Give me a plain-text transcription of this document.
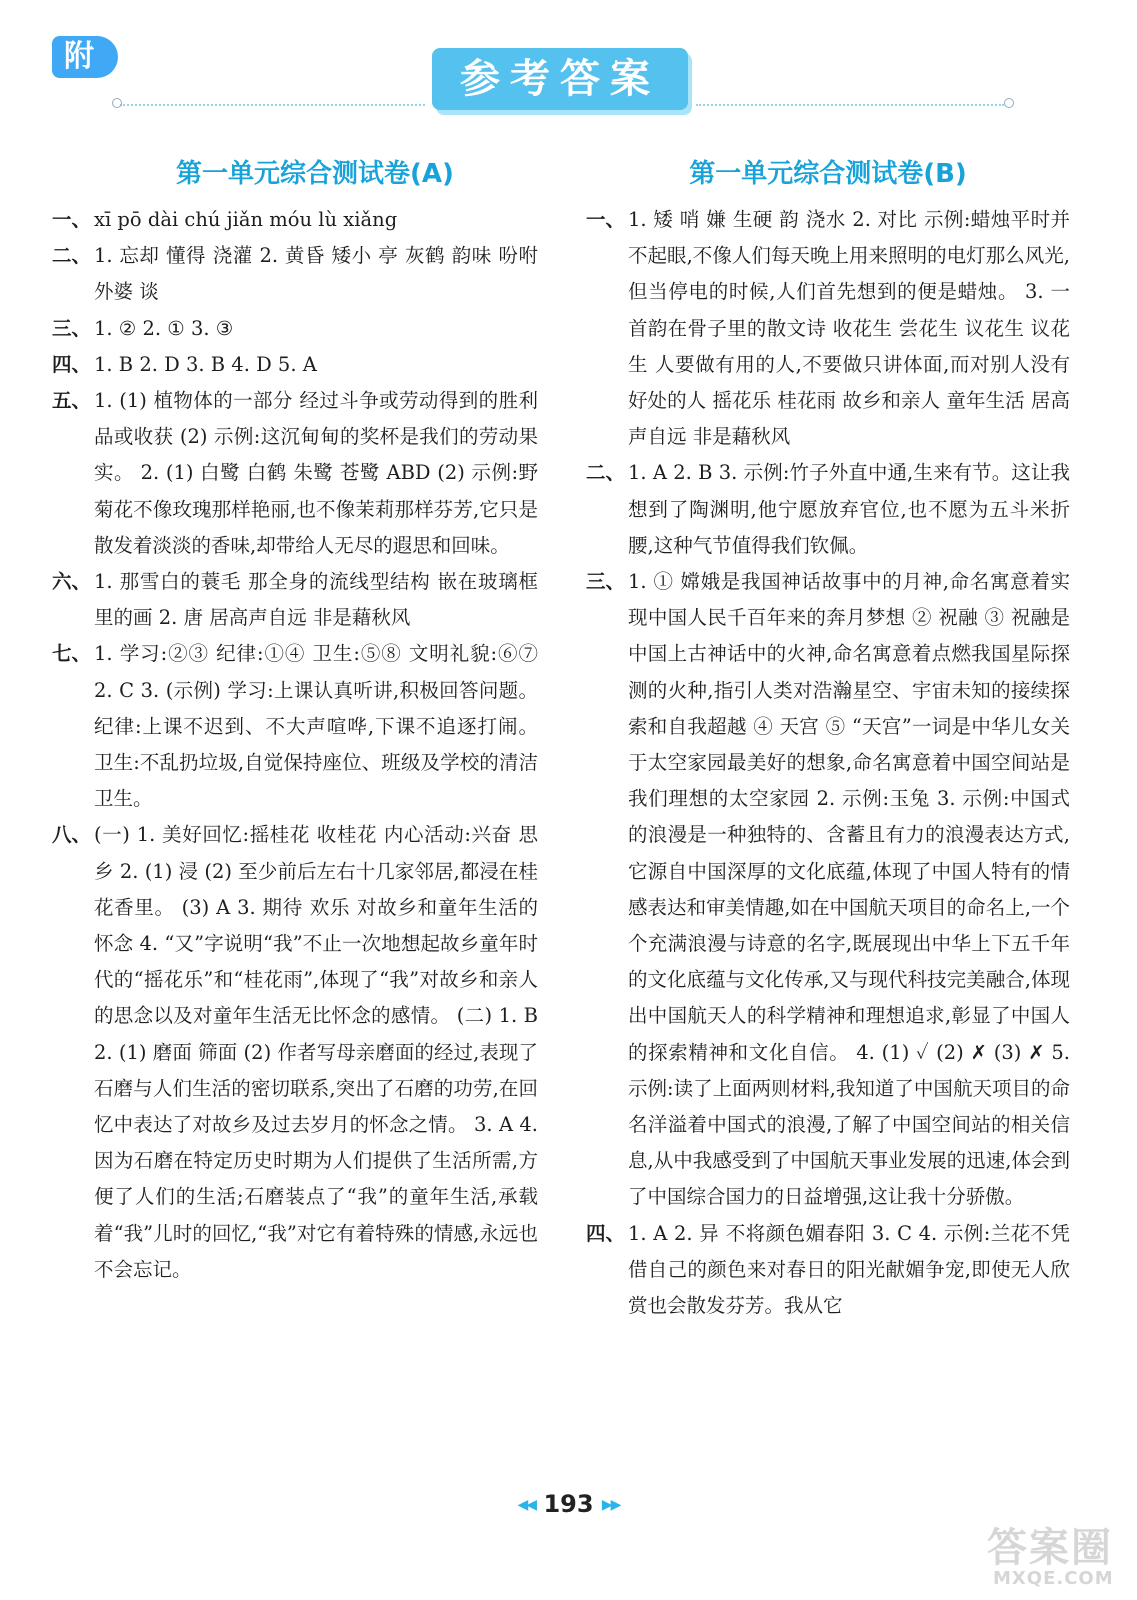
附	参考答案
第一单元综合测试卷(A)
一、 xī pō dài chú jiǎn móu lù xiǎng
二、 1. 忘却 懂得 浇灌 2. 黄昏 矮小 亭 灰鹤 韵味 吩咐 外婆 谈
三、 1. ② 2. ① 3. ③
四、 1. B 2. D 3. B 4. D 5. A
五、 1. (1) 植物体的一部分 经过斗争或劳动得到的胜利品或收获 (2) 示例:这沉甸甸的奖杯是我们的劳动果实。 2. (1) 白鹭 白鹤 朱鹭 苍鹭 ABD (2) 示例:野菊花不像玫瑰那样艳丽,也不像茉莉那样芬芳,它只是散发着淡淡的香味,却带给人无尽的遐思和回味。
六、 1. 那雪白的蓑毛 那全身的流线型结构 嵌在玻璃框里的画 2. 唐 居高声自远 非是藉秋风
七、 1. 学习:②③ 纪律:①④ 卫生:⑤⑧ 文明礼貌:⑥⑦ 2. C 3. (示例) 学习:上课认真听讲,积极回答问题。 纪律:上课不迟到、不大声喧哗,下课不追逐打闹。 卫生:不乱扔垃圾,自觉保持座位、班级及学校的清洁卫生。
八、 (一) 1. 美好回忆:摇桂花 收桂花 内心活动:兴奋 思乡 2. (1) 浸 (2) 至少前后左右十几家邻居,都浸在桂花香里。 (3) A 3. 期待 欢乐 对故乡和童年生活的怀念 4. “又”字说明“我”不止一次地想起故乡童年时代的“摇花乐”和“桂花雨”,体现了“我”对故乡和亲人的思念以及对童年生活无比怀念的感情。 (二) 1. B 2. (1) 磨面 筛面 (2) 作者写母亲磨面的经过,表现了石磨与人们生活的密切联系,突出了石磨的功劳,在回忆中表达了对故乡及过去岁月的怀念之情。 3. A 4. 因为石磨在特定历史时期为人们提供了生活所需,方便了人们的生活;石磨装点了“我”的童年生活,承载着“我”儿时的回忆,“我”对它有着特殊的情感,永远也不会忘记。
第一单元综合测试卷(B)
一、 1. 矮 哨 嫌 生硬 韵 浇水 2. 对比 示例:蜡烛平时并不起眼,不像人们每天晚上用来照明的电灯那么风光,但当停电的时候,人们首先想到的便是蜡烛。 3. 一首韵在骨子里的散文诗 收花生 尝花生 议花生 议花生 人要做有用的人,不要做只讲体面,而对别人没有好处的人 摇花乐 桂花雨 故乡和亲人 童年生活 居高声自远 非是藉秋风
二、 1. A 2. B 3. 示例:竹子外直中通,生来有节。这让我想到了陶渊明,他宁愿放弃官位,也不愿为五斗米折腰,这种气节值得我们钦佩。
三、 1. ① 嫦娥是我国神话故事中的月神,命名寓意着实现中国人民千百年来的奔月梦想 ② 祝融 ③ 祝融是中国上古神话中的火神,命名寓意着点燃我国星际探测的火种,指引人类对浩瀚星空、宇宙未知的接续探索和自我超越 ④ 天宫 ⑤ “天宫”一词是中华儿女关于太空家园最美好的想象,命名寓意着中国空间站是我们理想的太空家园 2. 示例:玉兔 3. 示例:中国式的浪漫是一种独特的、含蓄且有力的浪漫表达方式,它源自中国深厚的文化底蕴,体现了中国人特有的情感表达和审美情趣,如在中国航天项目的命名上,一个个充满浪漫与诗意的名字,既展现出中华上下五千年的文化底蕴与文化传承,又与现代科技完美融合,体现出中国航天人的科学精神和理想追求,彰显了中国人的探索精神和文化自信。 4. (1) ✓ (2) ✗ (3) ✗ 5. 示例:读了上面两则材料,我知道了中国航天项目的命名洋溢着中国式的浪漫,了解了中国空间站的相关信息,从中我感受到了中国航天事业发展的迅速,体会到了中国综合国力的日益增强,这让我十分骄傲。
四、 1. A 2. 异 不将颜色媚春阳 3. C 4. 示例:兰花不凭借自己的颜色来对春日的阳光献媚争宠,即使无人欣赏也会散发芬芳。我从它
◀◀ 193 ▶▶
答案圈
MXQE.COM
